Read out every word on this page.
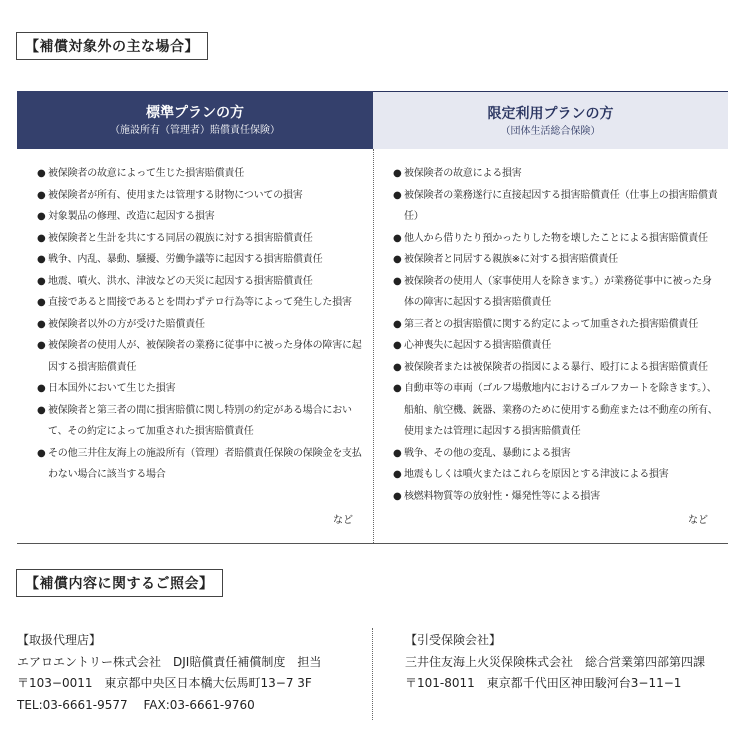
【補償対象外の主な場合】
標準プランの方
（施設所有（管理者）賠償責任保険）
● 被保険者の故意によって生じた損害賠償責任
● 被保険者が所有、使用または管理する財物についての損害
● 対象製品の修理、改造に起因する損害
● 被保険者と生計を共にする同居の親族に対する損害賠償責任
● 戦争、内乱、暴動、騒擾、労働争議等に起因する損害賠償責任
● 地震、噴火、洪水、津波などの天災に起因する損害賠償責任
● 直接であると間接であるとを問わずテロ行為等によって発生した損害
● 被保険者以外の方が受けた賠償責任
● 被保険者の使用人が、被保険者の業務に従事中に被った身体の障害に起因する損害賠償責任
● 日本国外において生じた損害
● 被保険者と第三者の間に損害賠償に関し特別の約定がある場合において、その約定によって加重された損害賠償責任
● その他三井住友海上の施設所有（管理）者賠償責任保険の保険金を支払わない場合に該当する場合
など
限定利用プランの方
（団体生活総合保険）
● 被保険者の故意による損害
● 被保険者の業務遂行に直接起因する損害賠償責任（仕事上の損害賠償責任）
● 他人から借りたり預かったりした物を壊したことによる損害賠償責任
● 被保険者と同居する親族※に対する損害賠償責任
● 被保険者の使用人（家事使用人を除きます。）が業務従事中に被った身体の障害に起因する損害賠償責任
● 第三者との損害賠償に関する約定によって加重された損害賠償責任
● 心神喪失に起因する損害賠償責任
● 被保険者または被保険者の指図による暴行、殴打による損害賠償責任
● 自動車等の車両（ゴルフ場敷地内におけるゴルフカートを除きます。）、船舶、航空機、銃器、業務のために使用する動産または不動産の所有、使用または管理に起因する損害賠償責任
● 戦争、その他の変乱、暴動による損害
● 地震もしくは噴火またはこれらを原因とする津波による損害
● 核燃料物質等の放射性・爆発性等による損害
など
【補償内容に関するご照会】
【取扱代理店】
エアロエントリー株式会社　DJI賠償責任補償制度　担当
〒103−0011　東京都中央区日本橋大伝馬町13−7 3F
TEL:03-6661-9577　 FAX:03-6661-9760
【引受保険会社】
三井住友海上火災保険株式会社　総合営業第四部第四課
〒101-8011　東京都千代田区神田駿河台3−11−1
